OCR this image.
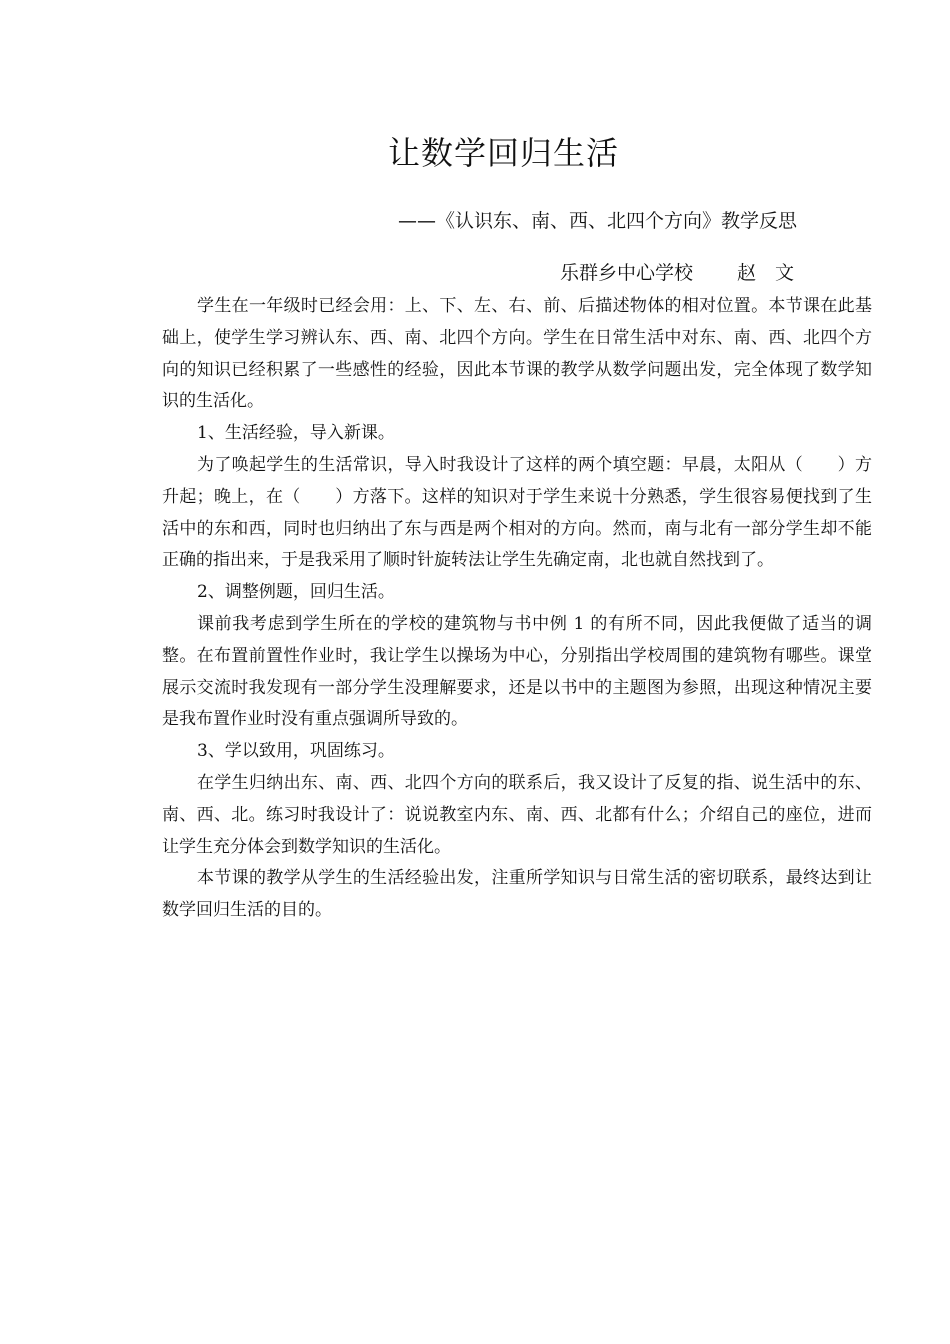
让数学回归生活
——《认识东、南、西、北四个方向》教学反思
乐群乡中心学校 赵　文

学生在一年级时已经会用：上、下、左、右、前、后描述物体的相对位置。本节课在此基础上，使学生学习辨认东、西、南、北四个方向。学生在日常生活中对东、南、西、北四个方向的知识已经积累了一些感性的经验，因此本节课的教学从数学问题出发，完全体现了数学知识的生活化。

1、生活经验，导入新课。

为了唤起学生的生活常识，导入时我设计了这样的两个填空题：早晨，太阳从（　　）方升起；晚上，在（　　）方落下。这样的知识对于学生来说十分熟悉，学生很容易便找到了生活中的东和西，同时也归纳出了东与西是两个相对的方向。然而，南与北有一部分学生却不能正确的指出来，于是我采用了顺时针旋转法让学生先确定南，北也就自然找到了。

2、调整例题，回归生活。

课前我考虑到学生所在的学校的建筑物与书中例 1 的有所不同，因此我便做了适当的调整。在布置前置性作业时，我让学生以操场为中心，分别指出学校周围的建筑物有哪些。课堂展示交流时我发现有一部分学生没理解要求，还是以书中的主题图为参照，出现这种情况主要是我布置作业时没有重点强调所导致的。

3、学以致用，巩固练习。

在学生归纳出东、南、西、北四个方向的联系后，我又设计了反复的指、说生活中的东、南、西、北。练习时我设计了：说说教室内东、南、西、北都有什么；介绍自己的座位，进而让学生充分体会到数学知识的生活化。

本节课的教学从学生的生活经验出发，注重所学知识与日常生活的密切联系，最终达到让数学回归生活的目的。
